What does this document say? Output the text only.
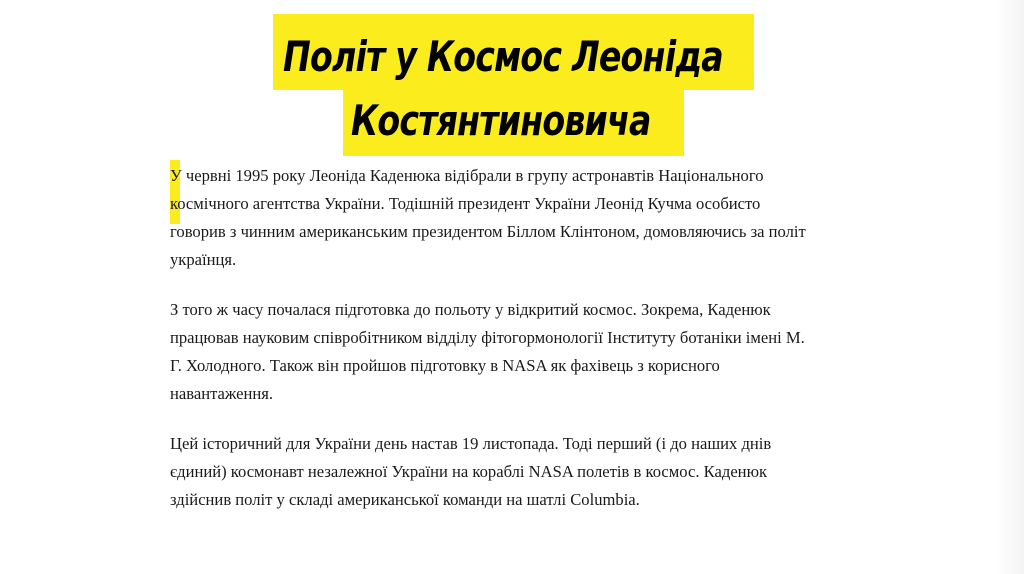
Політ у Космос Леоніда
Костянтиновича

У червні 1995 року Леоніда Каденюка відібрали в групу астронавтів Національного
космічного агентства України. Тодішній президент України Леонід Кучма особисто
говорив з чинним американським президентом Біллом Клінтоном, домовляючись за політ
українця.

З того ж часу почалася підготовка до польоту у відкритий космос. Зокрема, Каденюк
працював науковим співробітником відділу фітогормонології Інституту ботаніки імені М.
Г. Холодного. Також він пройшов підготовку в NASA як фахівець з корисного
навантаження.

Цей історичний для України день настав 19 листопада. Тоді перший (і до наших днів
єдиний) космонавт незалежної України на кораблі NASA полетів в космос. Каденюк
здійснив політ у складі американської команди на шатлі Columbia.
